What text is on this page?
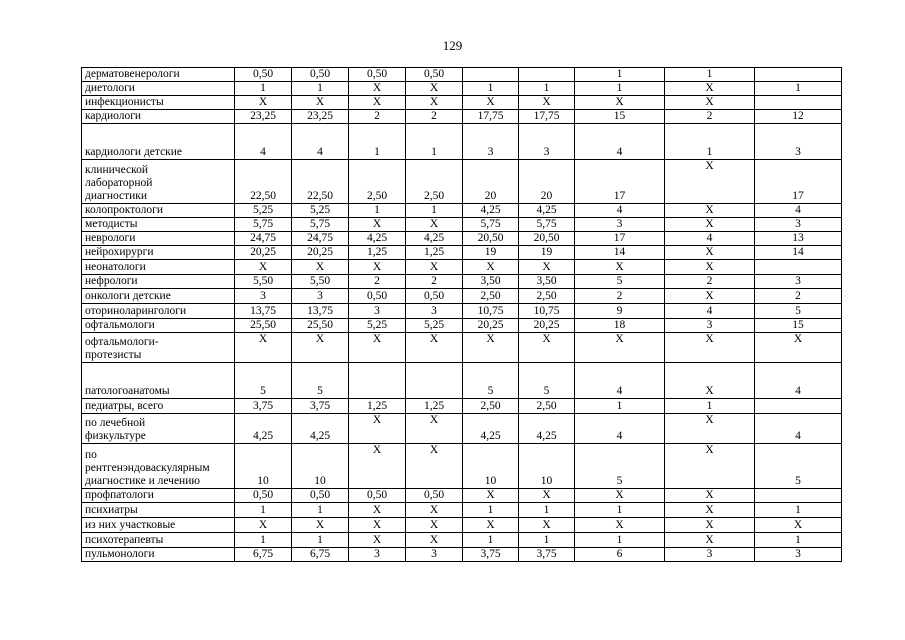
129
дерматовенерологи	0,50	0,50	0,50	0,50			1	1	

диетологи	1	1	X	X	1	1	1	X	1

инфекционисты	X	X	X	X	X	X	X	X	

кардиологи	23,25	23,25	2	2	17,75	17,75	15	2	12

кардиологи детские	4	4	1	1	3	3	4	1	3

клинической
лабораторной
диагностики	22,50	22,50	2,50	2,50	20	20	17	X	17

колопроктологи	5,25	5,25	1	1	4,25	4,25	4	X	4

методисты	5,75	5,75	X	X	5,75	5,75	3	X	3

неврологи	24,75	24,75	4,25	4,25	20,50	20,50	17	4	13

нейрохирурги	20,25	20,25	1,25	1,25	19	19	14	X	14

неонатологи	X	X	X	X	X	X	X	X	

нефрологи	5,50	5,50	2	2	3,50	3,50	5	2	3

онкологи детские	3	3	0,50	0,50	2,50	2,50	2	X	2

оториноларингологи	13,75	13,75	3	3	10,75	10,75	9	4	5

офтальмологи	25,50	25,50	5,25	5,25	20,25	20,25	18	3	15

офтальмологи-
протезисты	X	X	X	X	X	X	X	X	X

патологоанатомы	5	5			5	5	4	X	4

педиатры, всего	3,75	3,75	1,25	1,25	2,50	2,50	1	1	

по лечебной
физкультуре	4,25	4,25	X	X	4,25	4,25	4	X	4

по
рентгенэндоваскулярным
диагностике и лечению	10	10	X	X	10	10	5	X	5

профпатологи	0,50	0,50	0,50	0,50	X	X	X	X	

психиатры	1	1	X	X	1	1	1	X	1

из них участковые	X	X	X	X	X	X	X	X	X

психотерапевты	1	1	X	X	1	1	1	X	1

пульмонологи	6,75	6,75	3	3	3,75	3,75	6	3	3
